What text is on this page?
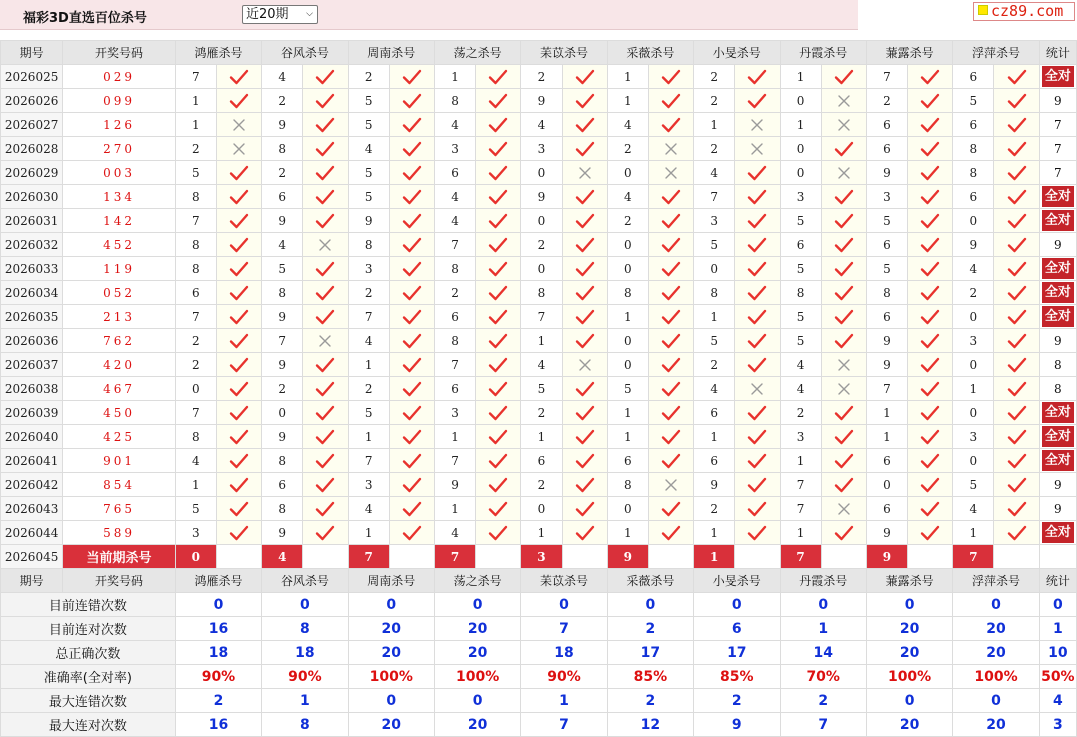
福彩3D直选百位杀号	近20期 ⌵	cz89.com
期号	开奖号码	鸿雁杀号		谷风杀号		周南杀号		荡之杀号		苿苡杀号		采薇杀号		小旻杀号		丹霞杀号		蒹露杀号		浮萍杀号		统计
2026025	029	7		4		2		1		2		1		2		1		7		6		全对
2026026	099	1		2		5		8		9		1		2		0		2		5		9
2026027	126	1		9		5		4		4		4		1		1		6		6		7
2026028	270	2		8		4		3		3		2		2		0		6		8		7
2026029	003	5		2		5		6		0		0		4		0		9		8		7
2026030	134	8		6		5		4		9		4		7		3		3		6		全对
2026031	142	7		9		9		4		0		2		3		5		5		0		全对
2026032	452	8		4		8		7		2		0		5		6		6		9		9
2026033	119	8		5		3		8		0		0		0		5		5		4		全对
2026034	052	6		8		2		2		8		8		8		8		8		2		全对
2026035	213	7		9		7		6		7		1		1		5		6		0		全对
2026036	762	2		7		4		8		1		0		5		5		9		3		9
2026037	420	2		9		1		7		4		0		2		4		9		0		8
2026038	467	0		2		2		6		5		5		4		4		7		1		8
2026039	450	7		0		5		3		2		1		6		2		1		0		全对
2026040	425	8		9		1		1		1		1		1		3		1		3		全对
2026041	901	4		8		7		7		6		6		6		1		6		0		全对
2026042	854	1		6		3		9		2		8		9		7		0		5		9
2026043	765	5		8		4		1		0		0		2		7		6		4		9
2026044	589	3		9		1		4		1		1		1		1		9		1		全对
2026045	当前期杀号	0		4		7		7		3		9		1		7		9		7		
期号	开奖号码	鸿雁杀号		谷风杀号		周南杀号		荡之杀号		苿苡杀号		采薇杀号		小旻杀号		丹霞杀号		蒹露杀号		浮萍杀号		统计
目前连错次数		0		0		0		0		0		0		0		0		0		0		0
目前连对次数		16		8		20		20		7		2		6		1		20		20		1
总正确次数		18		18		20		20		18		17		17		14		20		20		10
准确率(全对率)		90%		90%		100%		100%		90%		85%		85%		70%		100%		100%		50%
最大连错次数		2		1		0		0		1		2		2		2		0		0		4
最大连对次数		16		8		20		20		7		12		9		7		20		20		3
